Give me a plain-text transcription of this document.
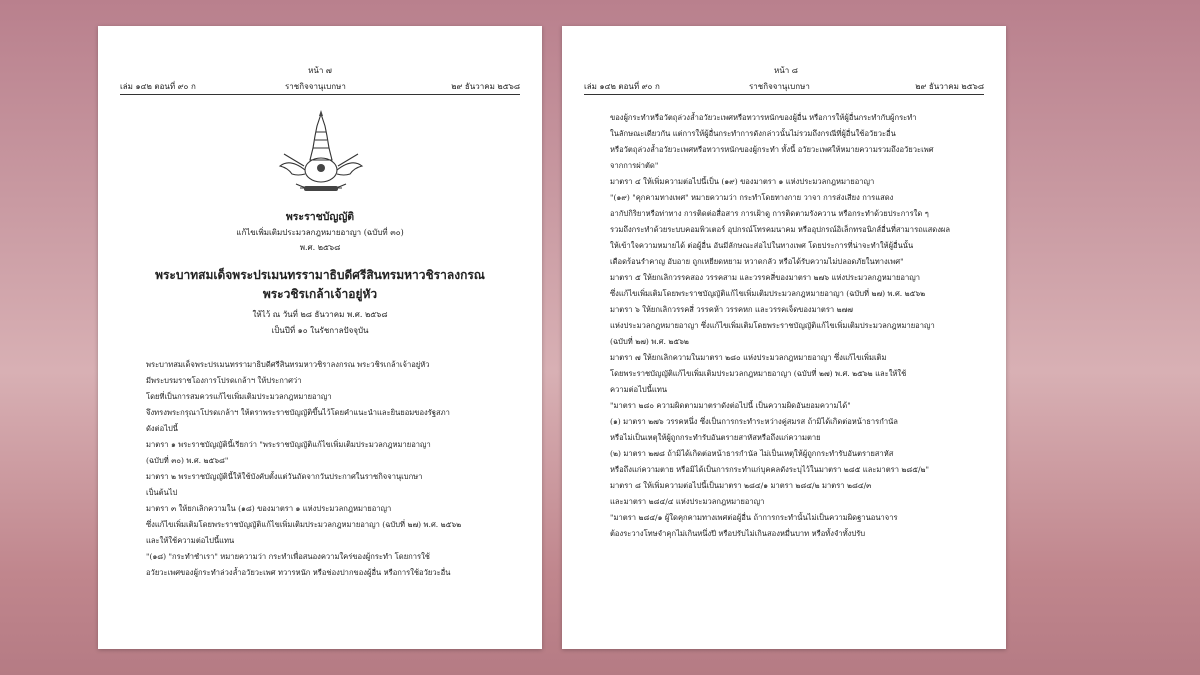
หน้า ๗
เล่ม ๑๔๒ ตอนที่ ๙๐ ก	ราชกิจจานุเบกษา	๒๙ ธันวาคม ๒๕๖๘
พระราชบัญญัติ
แก้ไขเพิ่มเติมประมวลกฎหมายอาญา (ฉบับที่ ๓๐)
พ.ศ. ๒๕๖๘
พระบาทสมเด็จพระปรเมนทรรามาธิบดีศรีสินทรมหาวชิราลงกรณ
พระวชิรเกล้าเจ้าอยู่หัว
ให้ไว้ ณ วันที่ ๒๘ ธันวาคม พ.ศ. ๒๕๖๘
เป็นปีที่ ๑๐ ในรัชกาลปัจจุบัน
พระบาทสมเด็จพระปรเมนทรรามาธิบดีศรีสินทรมหาวชิราลงกรณ พระวชิรเกล้าเจ้าอยู่หัว
มีพระบรมราชโองการโปรดเกล้าฯ ให้ประกาศว่า
โดยที่เป็นการสมควรแก้ไขเพิ่มเติมประมวลกฎหมายอาญา
จึงทรงพระกรุณาโปรดเกล้าฯ ให้ตราพระราชบัญญัติขึ้นไว้โดยคำแนะนำและยินยอมของรัฐสภา
ดังต่อไปนี้
มาตรา ๑ พระราชบัญญัตินี้เรียกว่า "พระราชบัญญัติแก้ไขเพิ่มเติมประมวลกฎหมายอาญา
(ฉบับที่ ๓๐) พ.ศ. ๒๕๖๘"
มาตรา ๒ พระราชบัญญัตินี้ให้ใช้บังคับตั้งแต่วันถัดจากวันประกาศในราชกิจจานุเบกษา
เป็นต้นไป
มาตรา ๓ ให้ยกเลิกความใน (๑๘) ของมาตรา ๑ แห่งประมวลกฎหมายอาญา
ซึ่งแก้ไขเพิ่มเติมโดยพระราชบัญญัติแก้ไขเพิ่มเติมประมวลกฎหมายอาญา (ฉบับที่ ๒๗) พ.ศ. ๒๕๖๒
และให้ใช้ความต่อไปนี้แทน
"(๑๘) "กระทำชำเรา" หมายความว่า กระทำเพื่อสนองความใคร่ของผู้กระทำ โดยการใช้
อวัยวะเพศของผู้กระทำล่วงล้ำอวัยวะเพศ ทวารหนัก หรือช่องปากของผู้อื่น หรือการใช้อวัยวะอื่น
หน้า ๘
เล่ม ๑๔๒ ตอนที่ ๙๐ ก	ราชกิจจานุเบกษา	๒๙ ธันวาคม ๒๕๖๘
ของผู้กระทำหรือวัตถุล่วงล้ำอวัยวะเพศหรือทวารหนักของผู้อื่น หรือการให้ผู้อื่นกระทำกับผู้กระทำ
ในลักษณะเดียวกัน แต่การให้ผู้อื่นกระทำการดังกล่าวนั้นไม่รวมถึงกรณีที่ผู้อื่นใช้อวัยวะอื่น
หรือวัตถุล่วงล้ำอวัยวะเพศหรือทวารหนักของผู้กระทำ ทั้งนี้ อวัยวะเพศให้หมายความรวมถึงอวัยวะเพศ
จากการผ่าตัด"
มาตรา ๔ ให้เพิ่มความต่อไปนี้เป็น (๑๙) ของมาตรา ๑ แห่งประมวลกฎหมายอาญา
"(๑๙) "คุกคามทางเพศ" หมายความว่า กระทำโดยทางกาย วาจา การส่งเสียง การแสดง
อากัปกิริยาหรือท่าทาง การติดต่อสื่อสาร การเฝ้าดู การติดตามรังควาน หรือกระทำด้วยประการใด ๆ
รวมถึงกระทำด้วยระบบคอมพิวเตอร์ อุปกรณ์โทรคมนาคม หรืออุปกรณ์อิเล็กทรอนิกส์อื่นที่สามารถแสดงผล
ให้เข้าใจความหมายได้ ต่อผู้อื่น อันมีลักษณะส่อไปในทางเพศ โดยประการที่น่าจะทำให้ผู้อื่นนั้น
เดือดร้อนรำคาญ อับอาย ถูกเหยียดหยาม หวาดกลัว หรือได้รับความไม่ปลอดภัยในทางเพศ"
มาตรา ๕ ให้ยกเลิกวรรคสอง วรรคสาม และวรรคสี่ของมาตรา ๒๗๖ แห่งประมวลกฎหมายอาญา
ซึ่งแก้ไขเพิ่มเติมโดยพระราชบัญญัติแก้ไขเพิ่มเติมประมวลกฎหมายอาญา (ฉบับที่ ๒๗) พ.ศ. ๒๕๖๒
มาตรา ๖ ให้ยกเลิกวรรคสี่ วรรคห้า วรรคหก และวรรคเจ็ดของมาตรา ๒๗๗
แห่งประมวลกฎหมายอาญา ซึ่งแก้ไขเพิ่มเติมโดยพระราชบัญญัติแก้ไขเพิ่มเติมประมวลกฎหมายอาญา
(ฉบับที่ ๒๗) พ.ศ. ๒๕๖๒
มาตรา ๗ ให้ยกเลิกความในมาตรา ๒๘๐ แห่งประมวลกฎหมายอาญา ซึ่งแก้ไขเพิ่มเติม
โดยพระราชบัญญัติแก้ไขเพิ่มเติมประมวลกฎหมายอาญา (ฉบับที่ ๒๗) พ.ศ. ๒๕๖๒ และให้ใช้
ความต่อไปนี้แทน
"มาตรา ๒๘๐ ความผิดตามมาตราดังต่อไปนี้ เป็นความผิดอันยอมความได้"
(๑) มาตรา ๒๗๖ วรรคหนึ่ง ซึ่งเป็นการกระทำระหว่างคู่สมรส ถ้ามิได้เกิดต่อหน้าธารกำนัล
หรือไม่เป็นเหตุให้ผู้ถูกกระทำรับอันตรายสาหัสหรือถึงแก่ความตาย
(๒) มาตรา ๒๗๘ ถ้ามิได้เกิดต่อหน้าธารกำนัล ไม่เป็นเหตุให้ผู้ถูกกระทำรับอันตรายสาหัส
หรือถึงแก่ความตาย หรือมิได้เป็นการกระทำแก่บุคคลดังระบุไว้ในมาตรา ๒๘๕ และมาตรา ๒๘๕/๒"
มาตรา ๘ ให้เพิ่มความต่อไปนี้เป็นมาตรา ๒๘๔/๑ มาตรา ๒๘๔/๒ มาตรา ๒๘๔/๓
และมาตรา ๒๘๔/๔ แห่งประมวลกฎหมายอาญา
"มาตรา ๒๘๔/๑ ผู้ใดคุกคามทางเพศต่อผู้อื่น ถ้าการกระทำนั้นไม่เป็นความผิดฐานอนาจาร
ต้องระวางโทษจำคุกไม่เกินหนึ่งปี หรือปรับไม่เกินสองหมื่นบาท หรือทั้งจำทั้งปรับ
